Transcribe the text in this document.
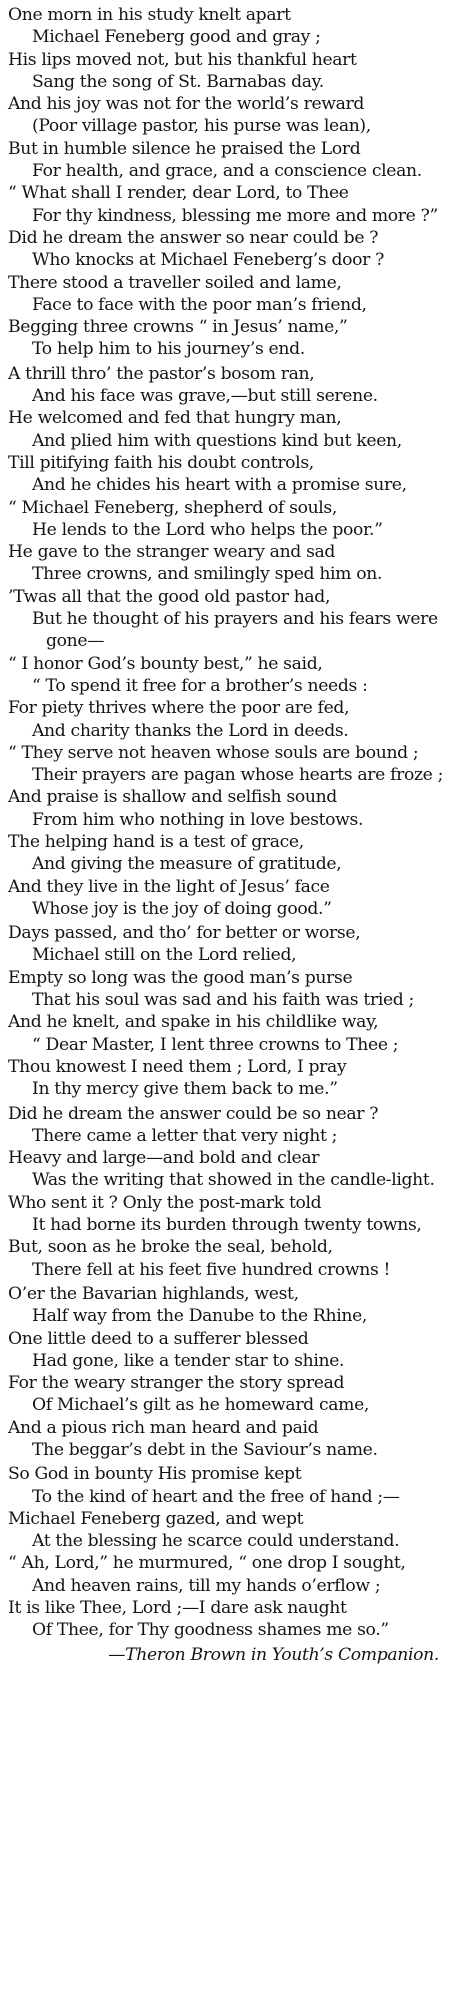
One morn in his study knelt apart
Michael Feneberg good and gray ;
His lips moved not, but his thankful heart
Sang the song of St. Barnabas day.
And his joy was not for the world’s reward
(Poor village pastor, his purse was lean),
But in humble silence he praised the Lord
For health, and grace, and a conscience clean.
“ What shall I render, dear Lord, to Thee
For thy kindness, blessing me more and more ?”
Did he dream the answer so near could be ?
Who knocks at Michael Feneberg’s door ?
There stood a traveller soiled and lame,
Face to face with the poor man’s friend,
Begging three crowns “ in Jesus’ name,”
To help him to his journey’s end.
A thrill thro’ the pastor’s bosom ran,
And his face was grave,—but still serene.
He welcomed and fed that hungry man,
And plied him with questions kind but keen,
Till pitifying faith his doubt controls,
And he chides his heart with a promise sure,
“ Michael Feneberg, shepherd of souls,
He lends to the Lord who helps the poor.”
He gave to the stranger weary and sad
Three crowns, and smilingly sped him on.
’Twas all that the good old pastor had,
But he thought of his prayers and his fears were gone—
“ I honor God’s bounty best,” he said,
“ To spend it free for a brother’s needs :
For piety thrives where the poor are fed,
And charity thanks the Lord in deeds.
“ They serve not heaven whose souls are bound ;
Their prayers are pagan whose hearts are froze ;
And praise is shallow and selfish sound
From him who nothing in love bestows.
The helping hand is a test of grace,
And giving the measure of gratitude,
And they live in the light of Jesus’ face
Whose joy is the joy of doing good.”
Days passed, and tho’ for better or worse,
Michael still on the Lord relied,
Empty so long was the good man’s purse
That his soul was sad and his faith was tried ;
And he knelt, and spake in his childlike way,
“ Dear Master, I lent three crowns to Thee ;
Thou knowest I need them ; Lord, I pray
In thy mercy give them back to me.”
Did he dream the answer could be so near ?
There came a letter that very night ;
Heavy and large—and bold and clear
Was the writing that showed in the candle-light.
Who sent it ? Only the post-mark told
It had borne its burden through twenty towns,
But, soon as he broke the seal, behold,
There fell at his feet five hundred crowns !
O’er the Bavarian highlands, west,
Half way from the Danube to the Rhine,
One little deed to a sufferer blessed
Had gone, like a tender star to shine.
For the weary stranger the story spread
Of Michael’s gilt as he homeward came,
And a pious rich man heard and paid
The beggar’s debt in the Saviour’s name.
So God in bounty His promise kept
To the kind of heart and the free of hand ;—
Michael Feneberg gazed, and wept
At the blessing he scarce could understand.
“ Ah, Lord,” he murmured, “ one drop I sought,
And heaven rains, till my hands o’erflow ;
It is like Thee, Lord ;—I dare ask naught
Of Thee, for Thy goodness shames me so.”
—Theron Brown in Youth’s Companion.
